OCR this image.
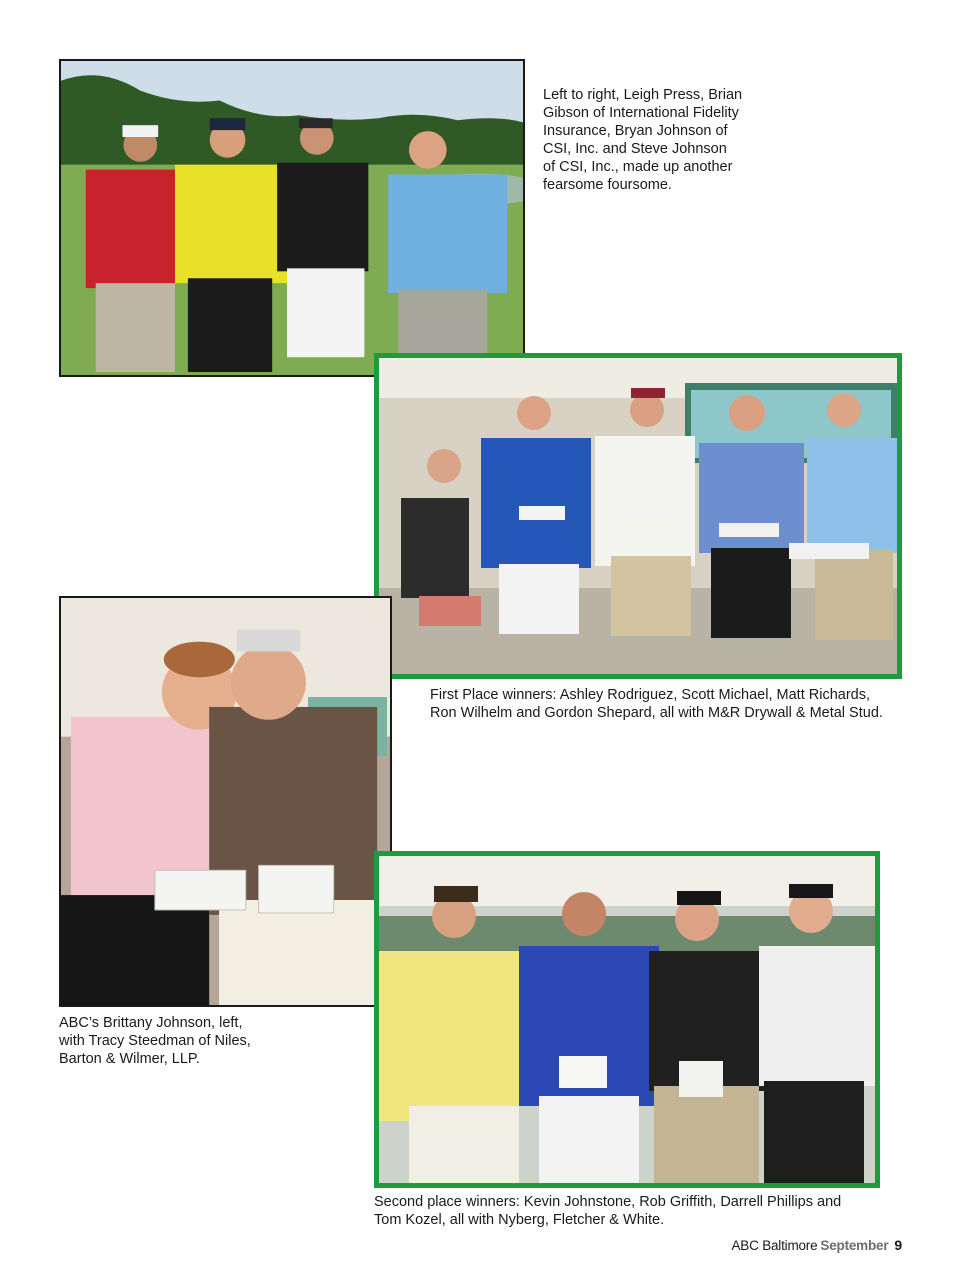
Left to right, Leigh Press, Brian
Gibson of International Fidelity
Insurance, Bryan Johnson of
CSI, Inc. and Steve Johnson
of CSI, Inc., made up another
fearsome foursome.
First Place winners: Ashley Rodriguez, Scott Michael, Matt Richards,
Ron Wilhelm and Gordon Shepard, all with M&R Drywall & Metal Stud.
ABC’s Brittany Johnson, left,
with Tracy Steedman of Niles,
Barton & Wilmer, LLP.
Second place winners: Kevin Johnstone, Rob Griffith, Darrell Phillips and
Tom Kozel, all with Nyberg, Fletcher & White.
ABC Baltimore September 9
